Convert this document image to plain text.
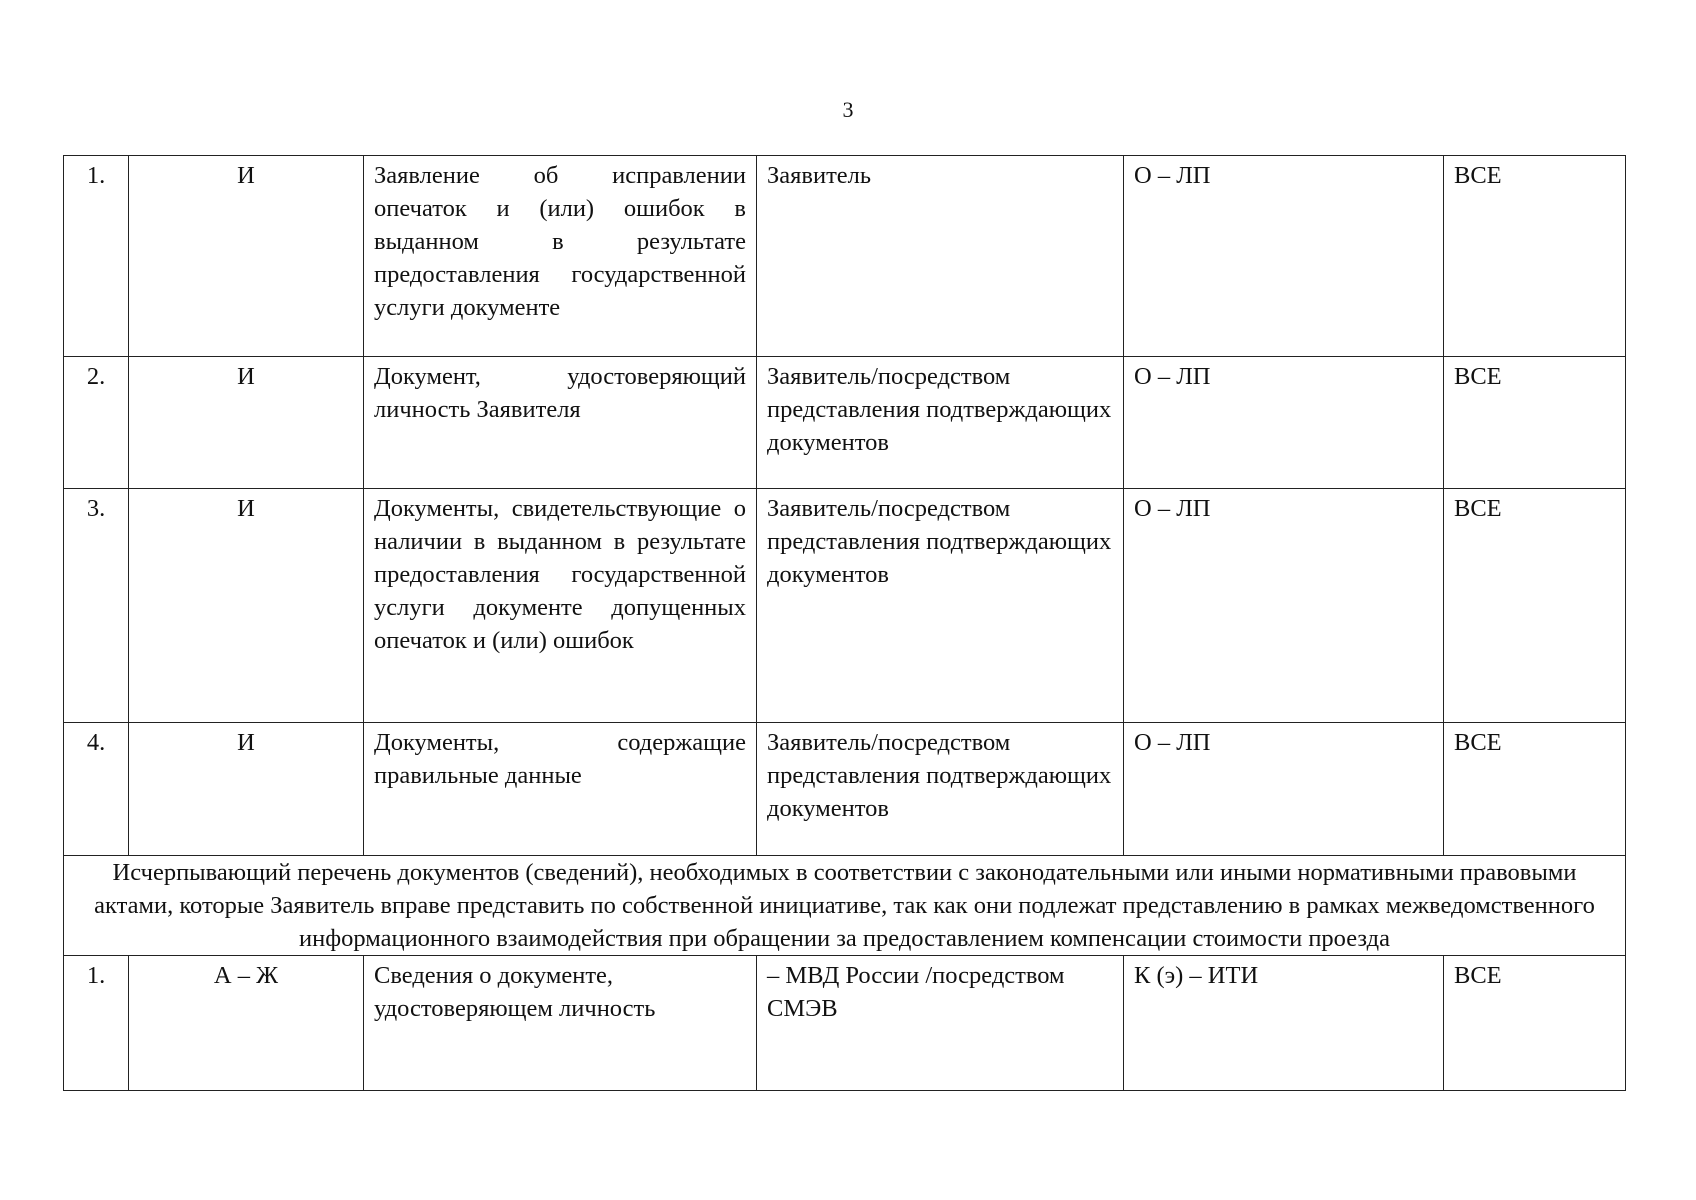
3
1.	И	Заявление об исправлении опечаток и (или) ошибок в выданном в результате предоставления государственной услуги документе	Заявитель	О – ЛП	ВСЕ
2.	И	Документ, удостоверяющий личность Заявителя	Заявитель/посредством представления подтверждающих документов	О – ЛП	ВСЕ
3.	И	Документы, свидетельствующие о наличии в выданном в результате предоставления государственной услуги документе допущенных опечаток и (или) ошибок	Заявитель/посредством представления подтверждающих документов	О – ЛП	ВСЕ
4.	И	Документы, содержащие правильные данные	Заявитель/посредством представления подтверждающих документов	О – ЛП	ВСЕ
Исчерпывающий перечень документов (сведений), необходимых в соответствии с законодательными или иными нормативными правовыми актами, которые Заявитель вправе представить по собственной инициативе, так как они подлежат представлению в рамках межведомственного информационного взаимодействия при обращении за предоставлением компенсации стоимости проезда					
1.	А – Ж	Сведения о документе, удостоверяющем личность	– МВД России /посредством СМЭВ	К (э) – ИТИ	ВСЕ
